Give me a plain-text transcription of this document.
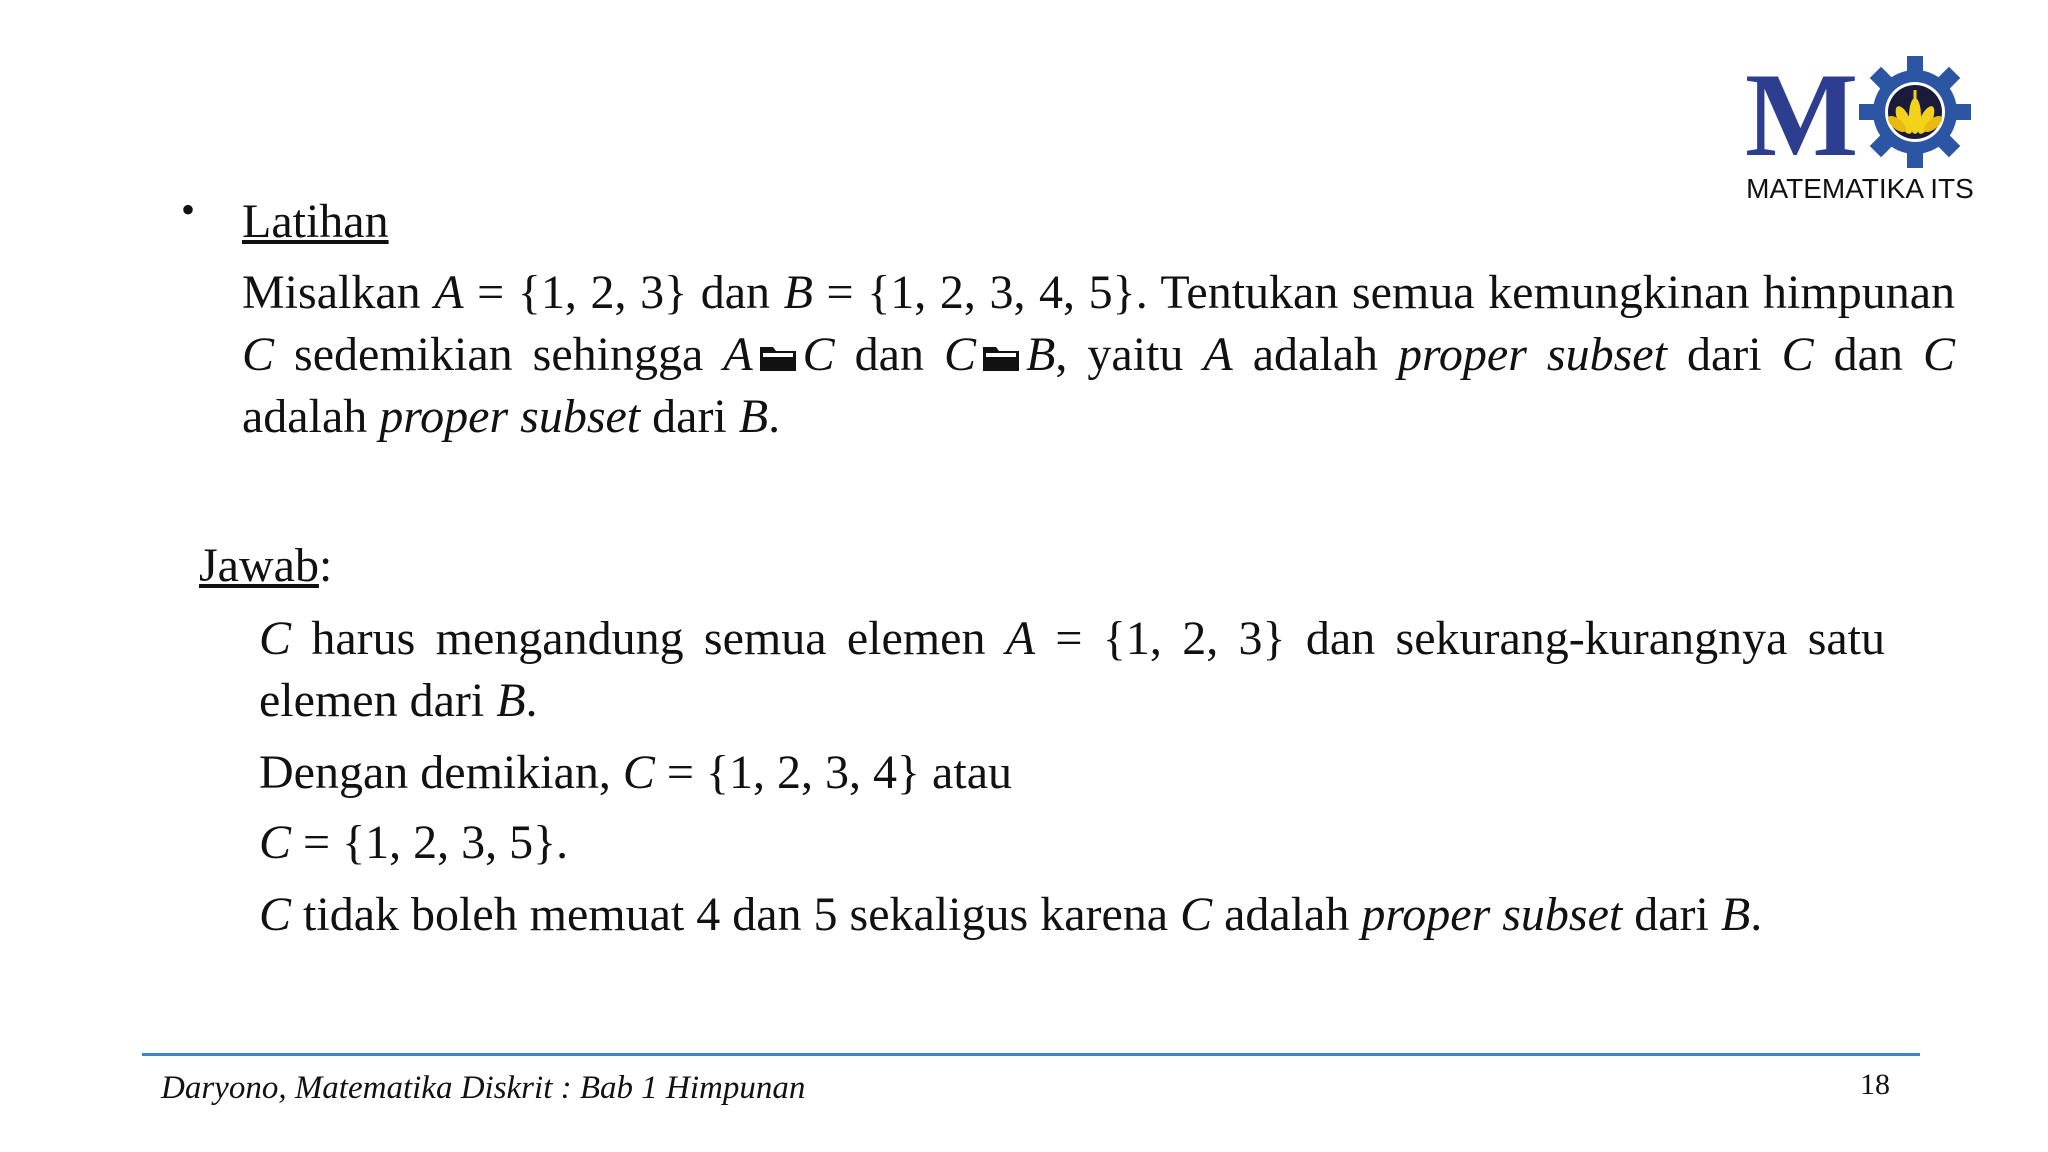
M
MATEMATIKA ITS
• Latihan
Misalkan A = {1, 2, 3} dan B = {1, 2, 3, 4, 5}. Tentukan semua kemungkinan himpunan C sedemikian sehingga A C dan C B, yaitu A adalah proper subset dari C dan C adalah proper subset dari B.
Jawab:

C harus mengandung semua elemen A = {1, 2, 3} dan sekurang-kurangnya satu elemen dari B.

Dengan demikian, C = {1, 2, 3, 4} atau

C = {1, 2, 3, 5}.

C tidak boleh memuat 4 dan 5 sekaligus karena C adalah proper subset dari B.

Daryono, Matematika Diskrit : Bab 1 Himpunan	18
